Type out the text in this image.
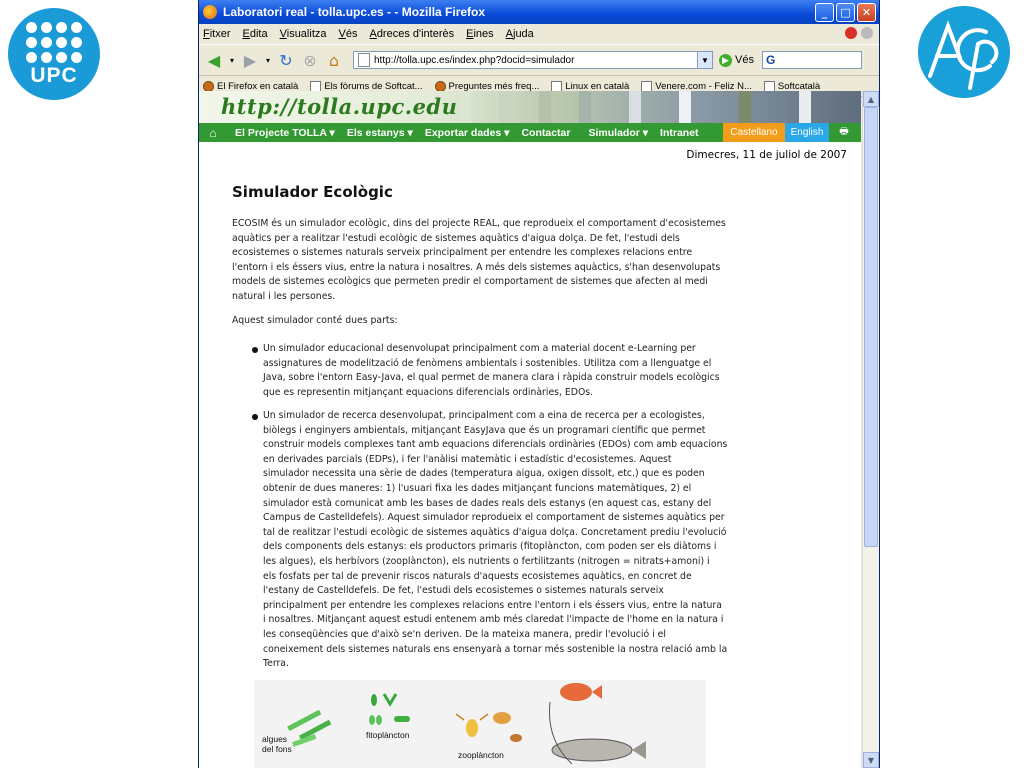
UPC
Laboratori real - tolla.upc.es - - Mozilla Firefox	_	□	✕
Fitxer Edita Visualitza Vés Adreces d'interès Eines Ajuda
◀	▾ ▶	▾ ↻ ⊗ ⌂	http://tolla.upc.es/index.php?docid=simulador	▼	▶ Vés G
El Firefox en català	Els fòrums de Softcat...	Preguntes més freq...	Linux en català	Venere.com - Feliz N...	Softcatalà
http://tolla.upc.edu
⌂	El Projecte TOLLA ▾ Els estanys ▾ Exportar dades ▾ Contactar Simulador ▾ Intranet	Castellano	English	🖶
Dimecres, 11 de juliol de 2007
Simulador Ecològic
ECOSIM és un simulador ecològic, dins del projecte REAL, que reprodueix el comportament d'ecosistemes
aquàtics per a realitzar l'estudi ecològic de sistemes aquàtics d'aigua dolça. De fet, l'estudi dels
ecosistemes o sistemes naturals serveix principalment per entendre les complexes relacions entre
l'entorn i els éssers vius, entre la natura i nosaltres. A més dels sistemes aquàctics, s'han desenvolupats
models de sistemes ecològics que permeten predir el comportament de sistemes que afecten al medi
natural i les persones.
Aquest simulador conté dues parts:
Un simulador educacional desenvolupat principalment com a material docent e-Learning per
assignatures de modelització de fenòmens ambientals i sostenibles. Utilitza com a llenguatge el
Java, sobre l'entorn Easy-Java, el qual permet de manera clara i ràpida construir models ecològics
que es representin mitjançant equacions diferencials ordinàries, EDOs.
Un simulador de recerca desenvolupat, principalment com a eina de recerca per a ecologistes,
biòlegs i enginyers ambientals, mitjançant EasyJava que és un programari científic que permet
construir models complexes tant amb equacions diferencials ordinàries (EDOs) com amb equacions
en derivades parcials (EDPs), i fer l'anàlisi matemàtic i estadístic d'ecosistemes. Aquest
simulador necessita una sèrie de dades (temperatura aigua, oxigen dissolt, etc.) que es poden
obtenir de dues maneres: 1) l'usuari fixa les dades mitjançant funcions matemàtiques, 2) el
simulador està comunicat amb les bases de dades reals dels estanys (en aquest cas, estany del
Campus de Castelldefels). Aquest simulador reprodueix el comportament de sistemes aquàtics per
tal de realitzar l'estudi ecològic de sistemes aquàtics d'aigua dolça. Concretament prediu l'evolució
dels components dels estanys: els productors primaris (fitoplàncton, com poden ser els diàtoms i
les algues), els herbívors (zooplàncton), els nutrients o fertilitzants (nitrogen = nitrats+amoni) i
els fosfats per tal de prevenir riscos naturals d'aquests ecosistemes aquàtics, en concret de
l'estany de Castelldefels. De fet, l'estudi dels ecosistemes o sistemes naturals serveix
principalment per entendre les complexes relacions entre l'entorn i els éssers vius, entre la natura
i nosaltres. Mitjançant aquest estudi entenem amb més claredat l'impacte de l'home en la natura i
les conseqüències que d'això se'n deriven. De la mateixa manera, predir l'evolució i el
coneixement dels sistemes naturals ens ensenyarà a tornar més sostenible la nostra relació amb la
Terra.
algues
del fons
fitoplàncton
zooplàncton
▲
▼
